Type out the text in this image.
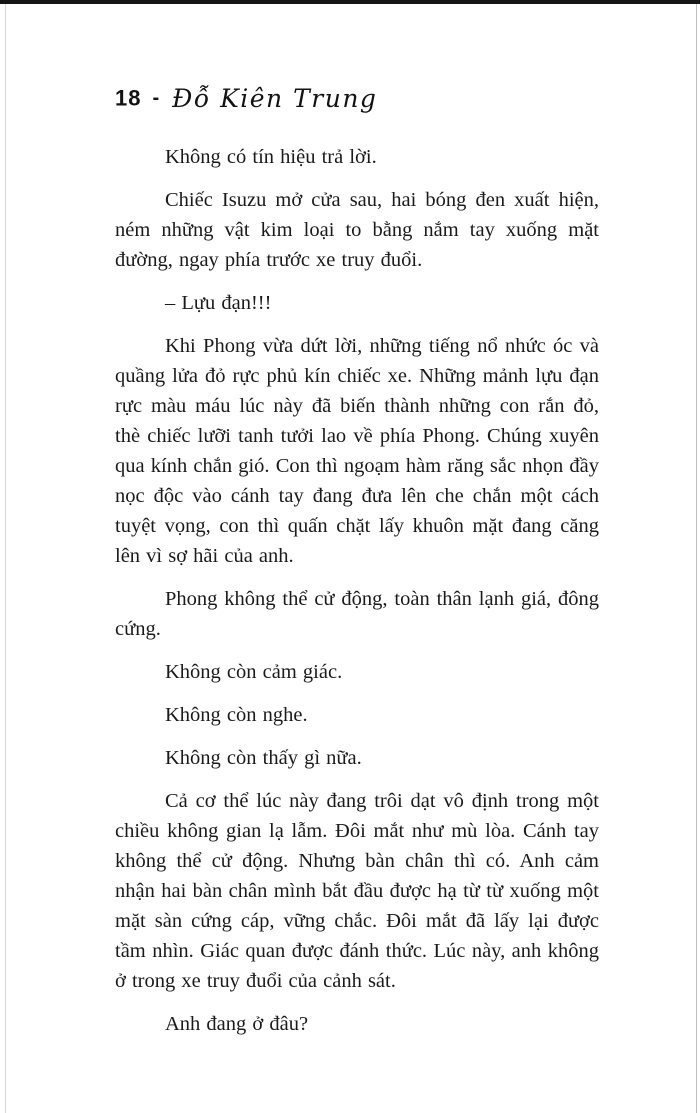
18 - Đỗ Kiên Trung

Không có tín hiệu trả lời.

Chiếc Isuzu mở cửa sau, hai bóng đen xuất hiện, ném những vật kim loại to bằng nắm tay xuống mặt đường, ngay phía trước xe truy đuổi.

– Lựu đạn!!!

Khi Phong vừa dứt lời, những tiếng nổ nhức óc và quầng lửa đỏ rực phủ kín chiếc xe. Những mảnh lựu đạn rực màu máu lúc này đã biến thành những con rắn đỏ, thè chiếc lưỡi tanh tưởi lao về phía Phong. Chúng xuyên qua kính chắn gió. Con thì ngoạm hàm răng sắc nhọn đầy nọc độc vào cánh tay đang đưa lên che chắn một cách tuyệt vọng, con thì quấn chặt lấy khuôn mặt đang căng lên vì sợ hãi của anh.

Phong không thể cử động, toàn thân lạnh giá, đông cứng.

Không còn cảm giác.

Không còn nghe.

Không còn thấy gì nữa.

Cả cơ thể lúc này đang trôi dạt vô định trong một chiều không gian lạ lẫm. Đôi mắt như mù lòa. Cánh tay không thể cử động. Nhưng bàn chân thì có. Anh cảm nhận hai bàn chân mình bắt đầu được hạ từ từ xuống một mặt sàn cứng cáp, vững chắc. Đôi mắt đã lấy lại được tầm nhìn. Giác quan được đánh thức. Lúc này, anh không ở trong xe truy đuổi của cảnh sát.

Anh đang ở đâu?
